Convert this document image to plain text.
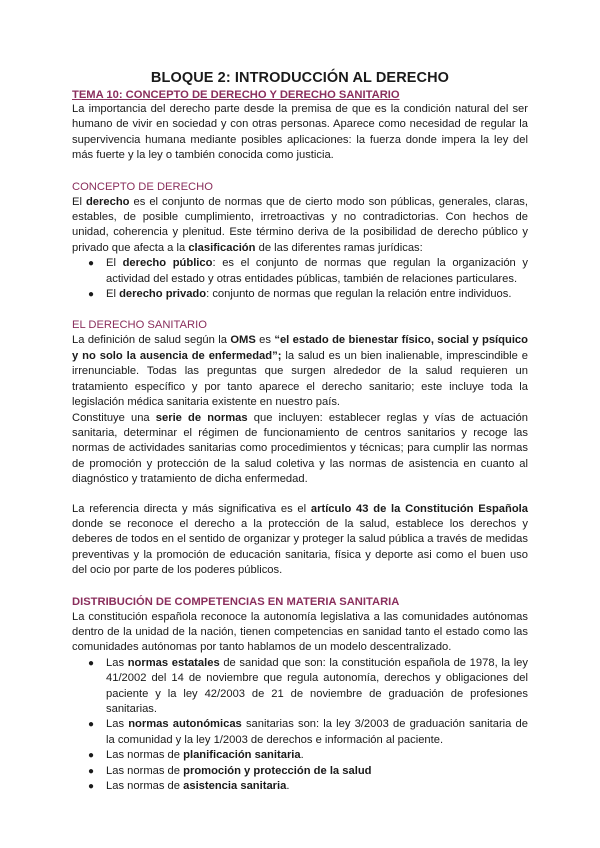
BLOQUE 2: INTRODUCCIÓN AL DERECHO
TEMA 10: CONCEPTO DE DERECHO Y DERECHO SANITARIO

La importancia del derecho parte desde la premisa de que es la condición natural del ser humano de vivir en sociedad y con otras personas. Aparece como necesidad de regular la supervivencia humana mediante posibles aplicaciones: la fuerza donde impera la ley del más fuerte y la ley o también conocida como justicia.

CONCEPTO DE DERECHO

El derecho es el conjunto de normas que de cierto modo son públicas, generales, claras, estables, de posible cumplimiento, irretroactivas y no contradictorias. Con hechos de unidad, coherencia y plenitud. Este término deriva de la posibilidad de derecho público y privado que afecta a la clasificación de las diferentes ramas jurídicas:

● El derecho público: es el conjunto de normas que regulan la organización y actividad del estado y otras entidades públicas, también de relaciones particulares.
● El derecho privado: conjunto de normas que regulan la relación entre individuos.
EL DERECHO SANITARIO

La definición de salud según la OMS es “el estado de bienestar físico, social y psíquico y no solo la ausencia de enfermedad”; la salud es un bien inalienable, imprescindible e irrenunciable. Todas las preguntas que surgen alrededor de la salud requieren un tratamiento específico y por tanto aparece el derecho sanitario; este incluye toda la legislación médica sanitaria existente en nuestro país.

Constituye una serie de normas que incluyen: establecer reglas y vías de actuación sanitaria, determinar el régimen de funcionamiento de centros sanitarios y recoge las normas de actividades sanitarias como procedimientos y técnicas; para cumplir las normas de promoción y protección de la salud coletiva y las normas de asistencia en cuanto al diagnóstico y tratamiento de dicha enfermedad.

La referencia directa y más significativa es el artículo 43 de la Constitución Española donde se reconoce el derecho a la protección de la salud, establece los derechos y deberes de todos en el sentido de organizar y proteger la salud pública a través de medidas preventivas y la promoción de educación sanitaria, física y deporte asi como el buen uso del ocio por parte de los poderes públicos.

DISTRIBUCIÓN DE COMPETENCIAS EN MATERIA SANITARIA

La constitución española reconoce la autonomía legislativa a las comunidades autónomas dentro de la unidad de la nación, tienen competencias en sanidad tanto el estado como las comunidades autónomas por tanto hablamos de un modelo descentralizado.

● Las normas estatales de sanidad que son: la constitución española de 1978, la ley 41/2002 del 14 de noviembre que regula autonomía, derechos y obligaciones del paciente y la ley 42/2003 de 21 de noviembre de graduación de profesiones sanitarias.
● Las normas autonómicas sanitarias son: la ley 3/2003 de graduación sanitaria de la comunidad y la ley 1/2003 de derechos e información al paciente.
● Las normas de planificación sanitaria.
● Las normas de promoción y protección de la salud
● Las normas de asistencia sanitaria.
